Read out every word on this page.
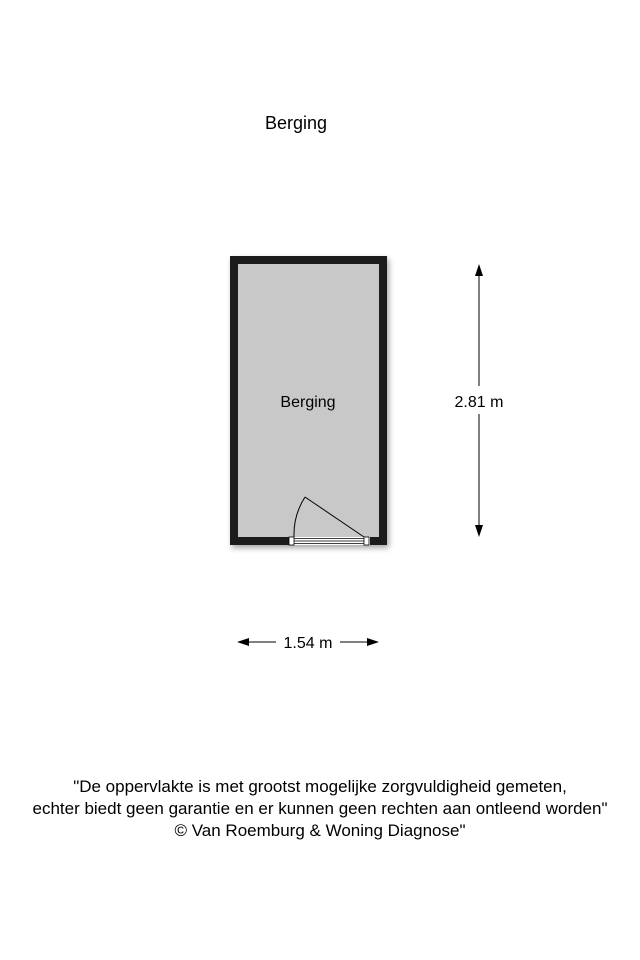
Berging
Berging	2.81 m
1.54 m
"De oppervlakte is met grootst mogelijke zorgvuldigheid gemeten,
echter biedt geen garantie en er kunnen geen rechten aan ontleend worden"
© Van Roemburg & Woning Diagnose"
